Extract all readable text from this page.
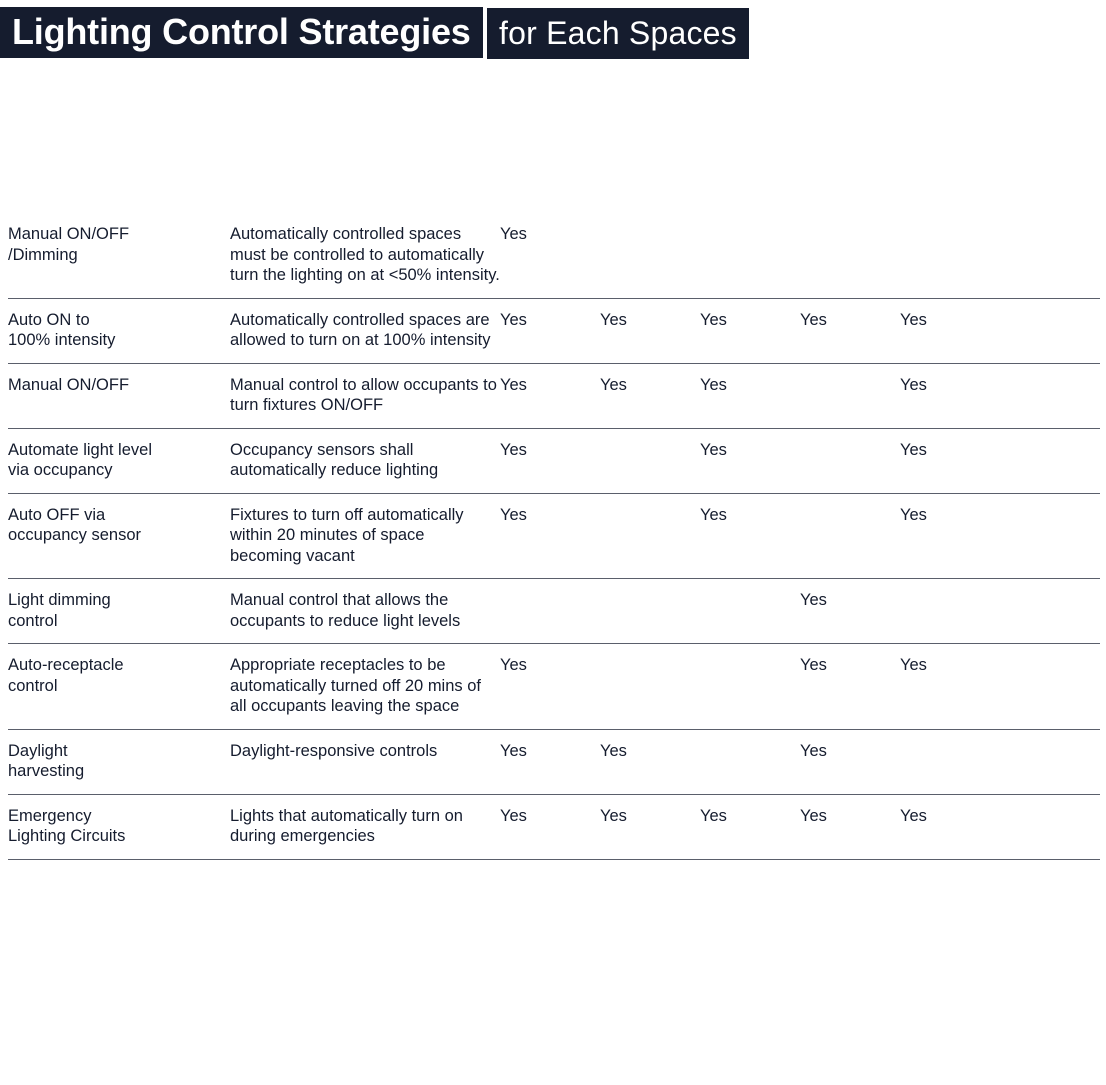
Lighting Control Strategies for Each Spaces
Manual ON/OFF
/Dimming	Automatically controlled spaces must be controlled to automatically turn the lighting on at <50% intensity.	Yes				

Auto ON to
100% intensity	Automatically controlled spaces are allowed to turn on at 100% intensity	Yes	Yes	Yes	Yes	Yes

Manual ON/OFF	Manual control to allow occupants to turn fixtures ON/OFF	Yes	Yes	Yes		Yes

Automate light level
via occupancy	Occupancy sensors shall automatically reduce lighting	Yes		Yes		Yes

Auto OFF via
occupancy sensor	Fixtures to turn off automatically within 20 minutes of space becoming vacant	Yes		Yes		Yes

Light dimming
control	Manual control that allows the occupants to reduce light levels				Yes	

Auto-receptacle
control	Appropriate receptacles to be automatically turned off 20 mins of all occupants leaving the space	Yes			Yes	Yes

Daylight
harvesting	Daylight-responsive controls	Yes	Yes		Yes	

Emergency
Lighting Circuits	Lights that automatically turn on during emergencies	Yes	Yes	Yes	Yes	Yes
